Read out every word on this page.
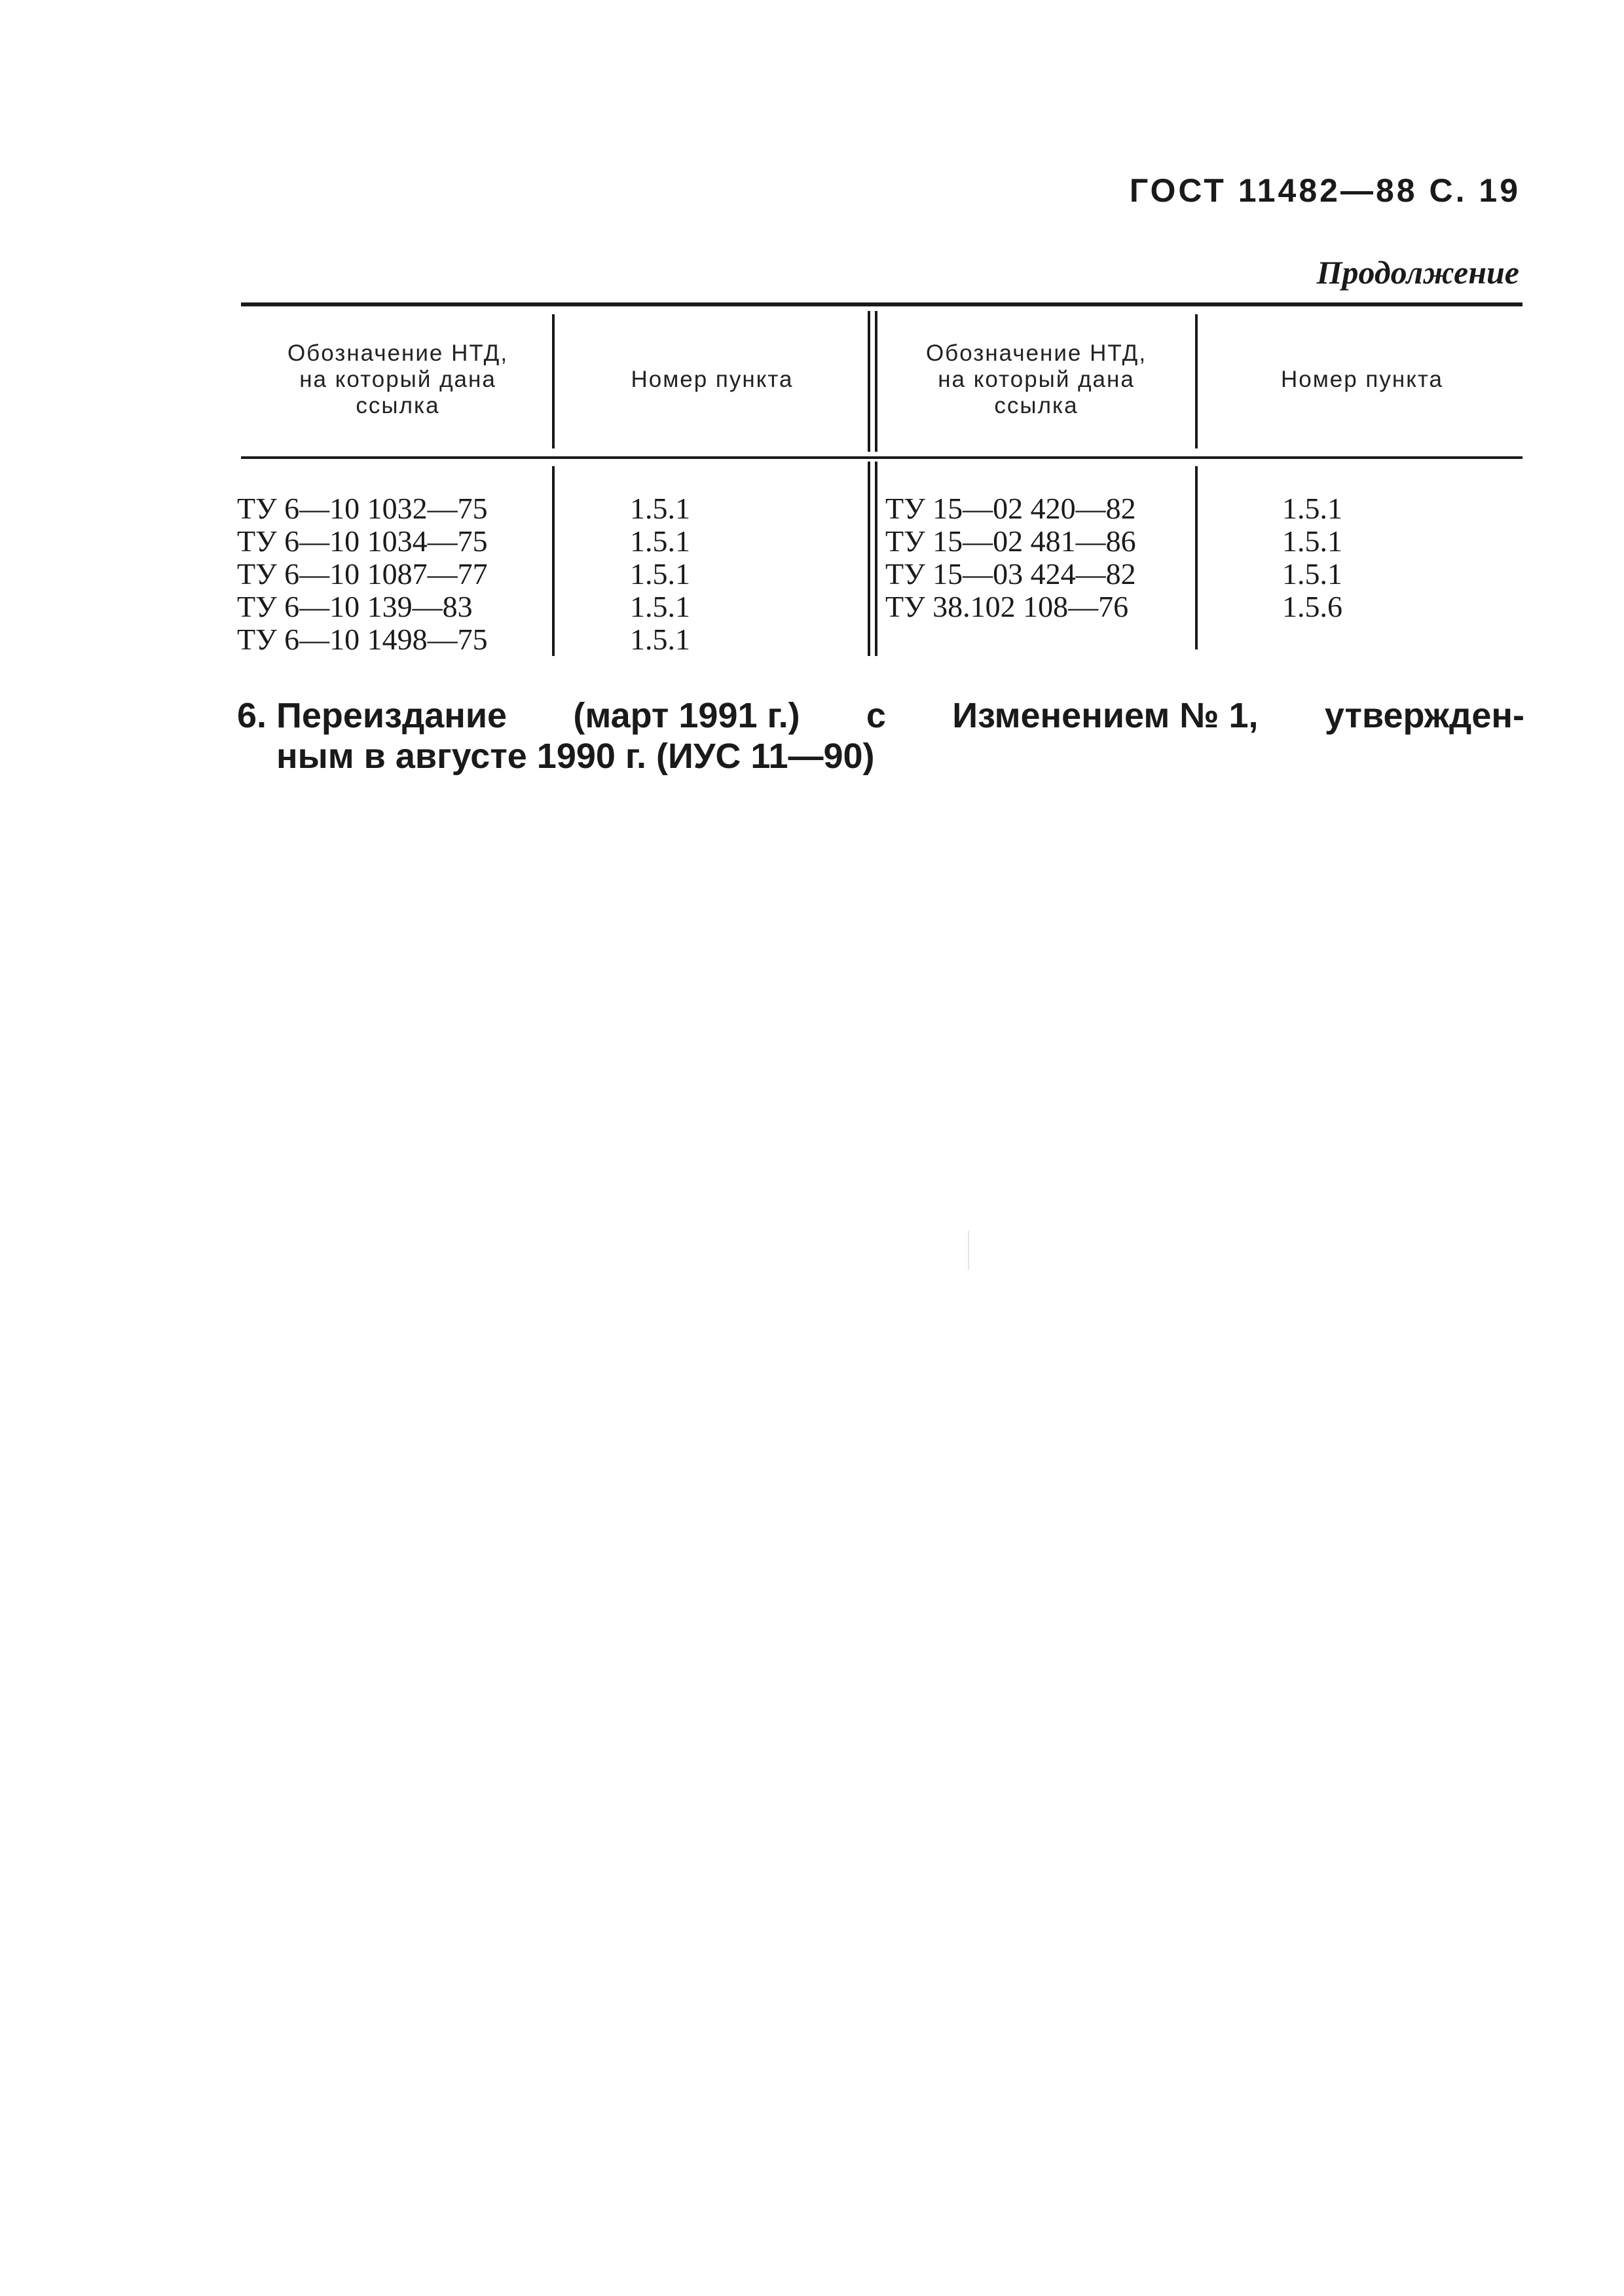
ГОСТ 11482—88 С. 19
Продолжение
Обозначение НТД,
на который дана
ссылка
Номер пункта
Обозначение НТД,
на который дана
ссылка
Номер пункта
ТУ 6—10 1032—75
ТУ 6—10 1034—75
ТУ 6—10 1087—77
ТУ 6—10 139—83
ТУ 6—10 1498—75
1.5.1
1.5.1
1.5.1
1.5.1
1.5.1
ТУ 15—02 420—82
ТУ 15—02 481—86
ТУ 15—03 424—82
ТУ 38.102 108—76
1.5.1
1.5.1
1.5.1
1.5.6
6. Переиздание (март 1991 г.) с Изменением № 1, утвержден-
ным в августе 1990 г. (ИУС 11—90)
